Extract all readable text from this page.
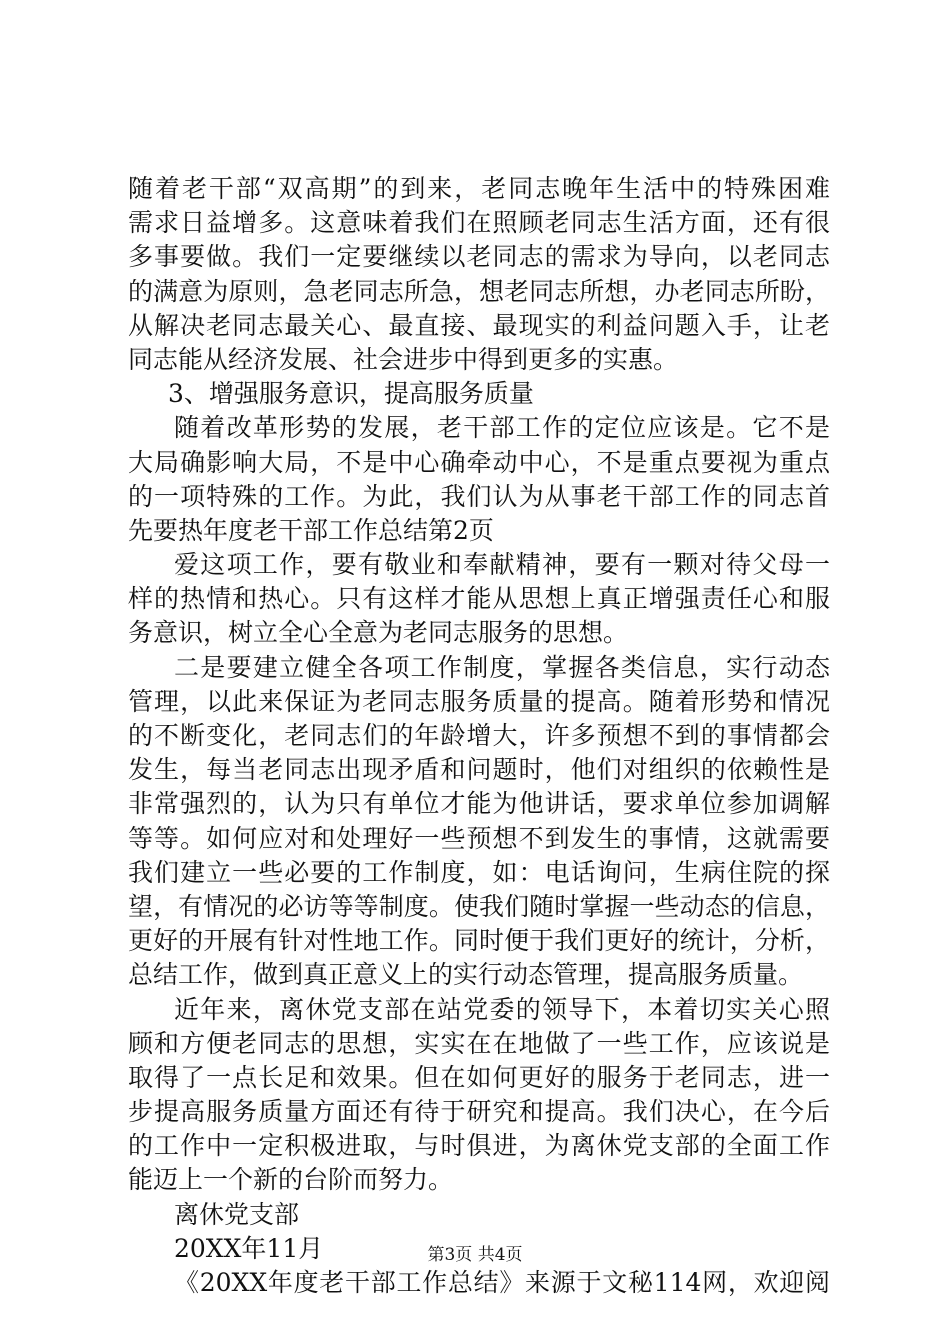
随着老干部“双高期”的到来，老同志晚年生活中的特殊困难
需求日益增多。这意味着我们在照顾老同志生活方面，还有很
多事要做。我们一定要继续以老同志的需求为导向，以老同志
的满意为原则，急老同志所急，想老同志所想，办老同志所盼，
从解决老同志最关心、最直接、最现实的利益问题入手，让老
同志能从经济发展、社会进步中得到更多的实惠。
3、增强服务意识，提高服务质量
随着改革形势的发展，老干部工作的定位应该是。它不是
大局确影响大局，不是中心确牵动中心，不是重点要视为重点
的一项特殊的工作。为此，我们认为从事老干部工作的同志首
先要热年度老干部工作总结第2页
爱这项工作，要有敬业和奉献精神，要有一颗对待父母一
样的热情和热心。只有这样才能从思想上真正增强责任心和服
务意识，树立全心全意为老同志服务的思想。
二是要建立健全各项工作制度，掌握各类信息，实行动态
管理，以此来保证为老同志服务质量的提高。随着形势和情况
的不断变化，老同志们的年龄增大，许多预想不到的事情都会
发生，每当老同志出现矛盾和问题时，他们对组织的依赖性是
非常强烈的，认为只有单位才能为他讲话，要求单位参加调解
等等。如何应对和处理好一些预想不到发生的事情，这就需要
我们建立一些必要的工作制度，如：电话询问，生病住院的探
望，有情况的必访等等制度。使我们随时掌握一些动态的信息，
更好的开展有针对性地工作。同时便于我们更好的统计，分析，
总结工作，做到真正意义上的实行动态管理，提高服务质量。
近年来，离休党支部在站党委的领导下，本着切实关心照
顾和方便老同志的思想，实实在在地做了一些工作，应该说是
取得了一点长足和效果。但在如何更好的服务于老同志，进一
步提高服务质量方面还有待于研究和提高。我们决心，在今后
的工作中一定积极进取，与时俱进，为离休党支部的全面工作
能迈上一个新的台阶而努力。
离休党支部
20XX年11月
《20XX年度老干部工作总结》来源于文秘114网，欢迎阅
第3页 共4页
